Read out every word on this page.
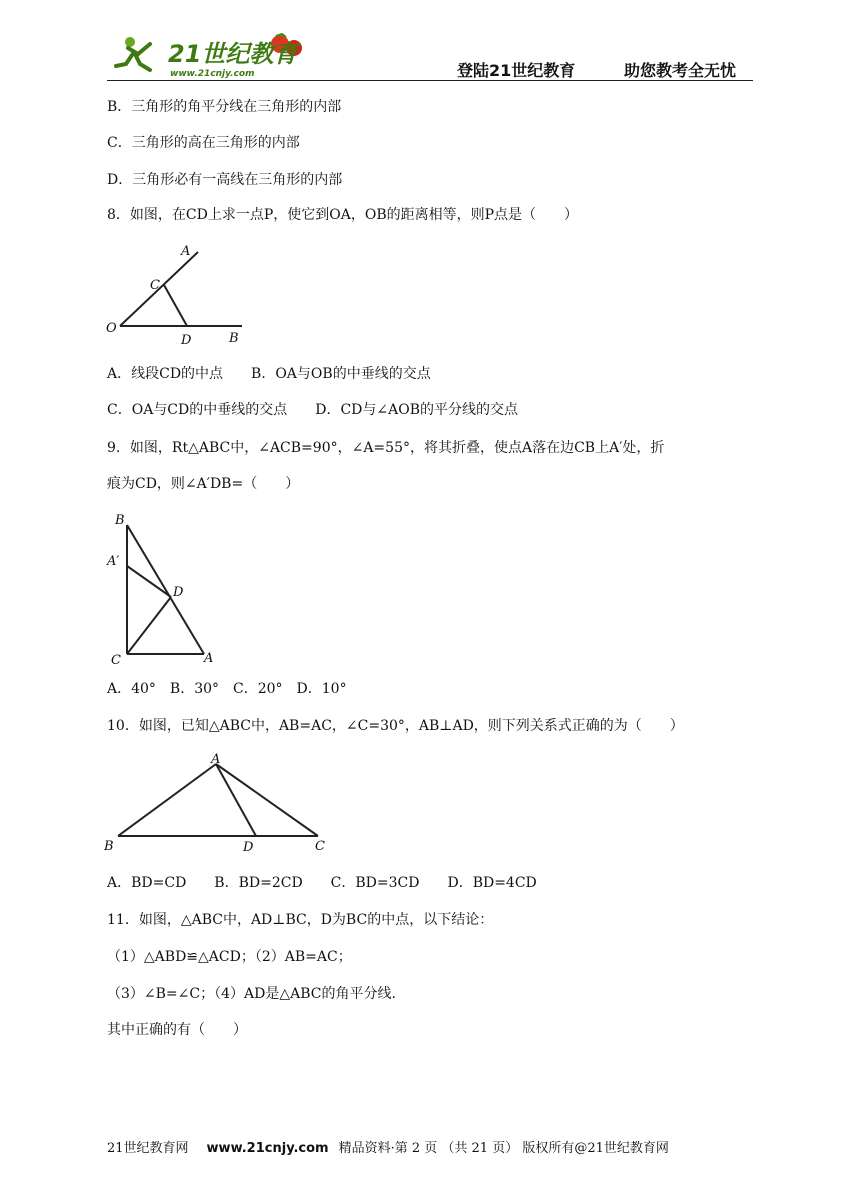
21世纪教育
www.21cnjy.com	登陆21世纪教育	助您教考全无忧
B．三角形的角平分线在三角形的内部
C．三角形的高在三角形的内部
D．三角形必有一高线在三角形的内部
8．如图，在CD上求一点P，使它到OA，OB的距离相等，则P点是（　　）
A
C
O
D	B
A．线段CD的中点　　B．OA与OB的中垂线的交点
C．OA与CD的中垂线的交点　　D．CD与∠AOB的平分线的交点
9．如图，Rt△ABC中，∠ACB=90°，∠A=55°，将其折叠，使点A落在边CB上A′处，折
痕为CD，则∠A′DB=（　　）
B
A′
D
C	A
A．40°　B．30°　C．20°　D．10°
10．如图，已知△ABC中，AB=AC，∠C=30°，AB⊥AD，则下列关系式正确的为（　　）
A
B	D	C
A．BD=CD　　B．BD=2CD　　C．BD=3CD　　D．BD=4CD
11．如图，△ABC中，AD⊥BC，D为BC的中点，以下结论：
（1）△ABD≌△ACD；（2）AB=AC；
（3）∠B=∠C；（4）AD是△ABC的角平分线.
其中正确的有（　　）
21世纪教育网 www.21cnjy.com 精品资料·第 2 页 （共 21 页） 版权所有@21世纪教育网
